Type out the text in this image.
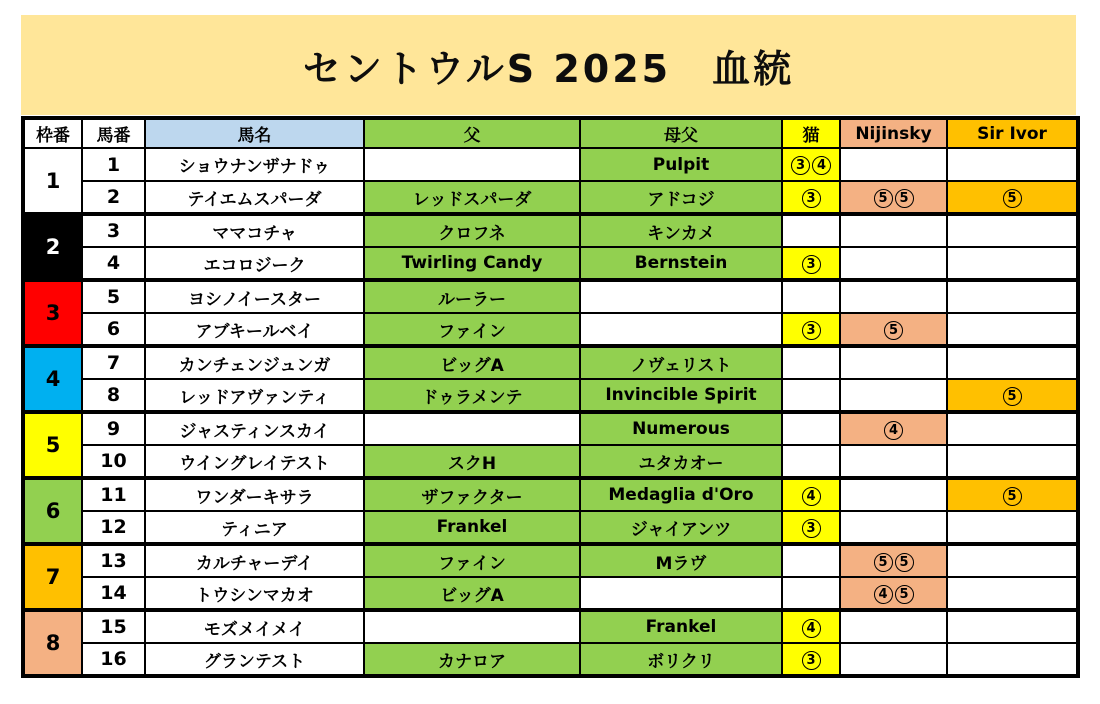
セントウルS 2025　血統
枠番	馬番	馬名	父	母父	猫	Nijinsky	Sir Ivor
1	1	ショウナンザナドゥ		Pulpit	3 4		
	2	テイエムスパーダ	レッドスパーダ	アドコジ	3	5 5	5
2	3	ママコチャ	クロフネ	キンカメ			
	4	エコロジーク	Twirling Candy	Bernstein	3		
3	5	ヨシノイースター	ルーラー				
	6	アブキールベイ	ファイン		3	5	
4	7	カンチェンジュンガ	ビッグA	ノヴェリスト			
	8	レッドアヴァンティ	ドゥラメンテ	Invincible Spirit			5
5	9	ジャスティンスカイ		Numerous		4	
	10	ウイングレイテスト	スクH	ユタカオー			
6	11	ワンダーキサラ	ザファクター	Medaglia d'Oro	4		5
	12	ティニア	Frankel	ジャイアンツ	3		
7	13	カルチャーデイ	ファイン	Mラヴ		5 5	
	14	トウシンマカオ	ビッグA			4 5	
8	15	モズメイメイ		Frankel	4		
	16	グランテスト	カナロア	ボリクリ	3		
